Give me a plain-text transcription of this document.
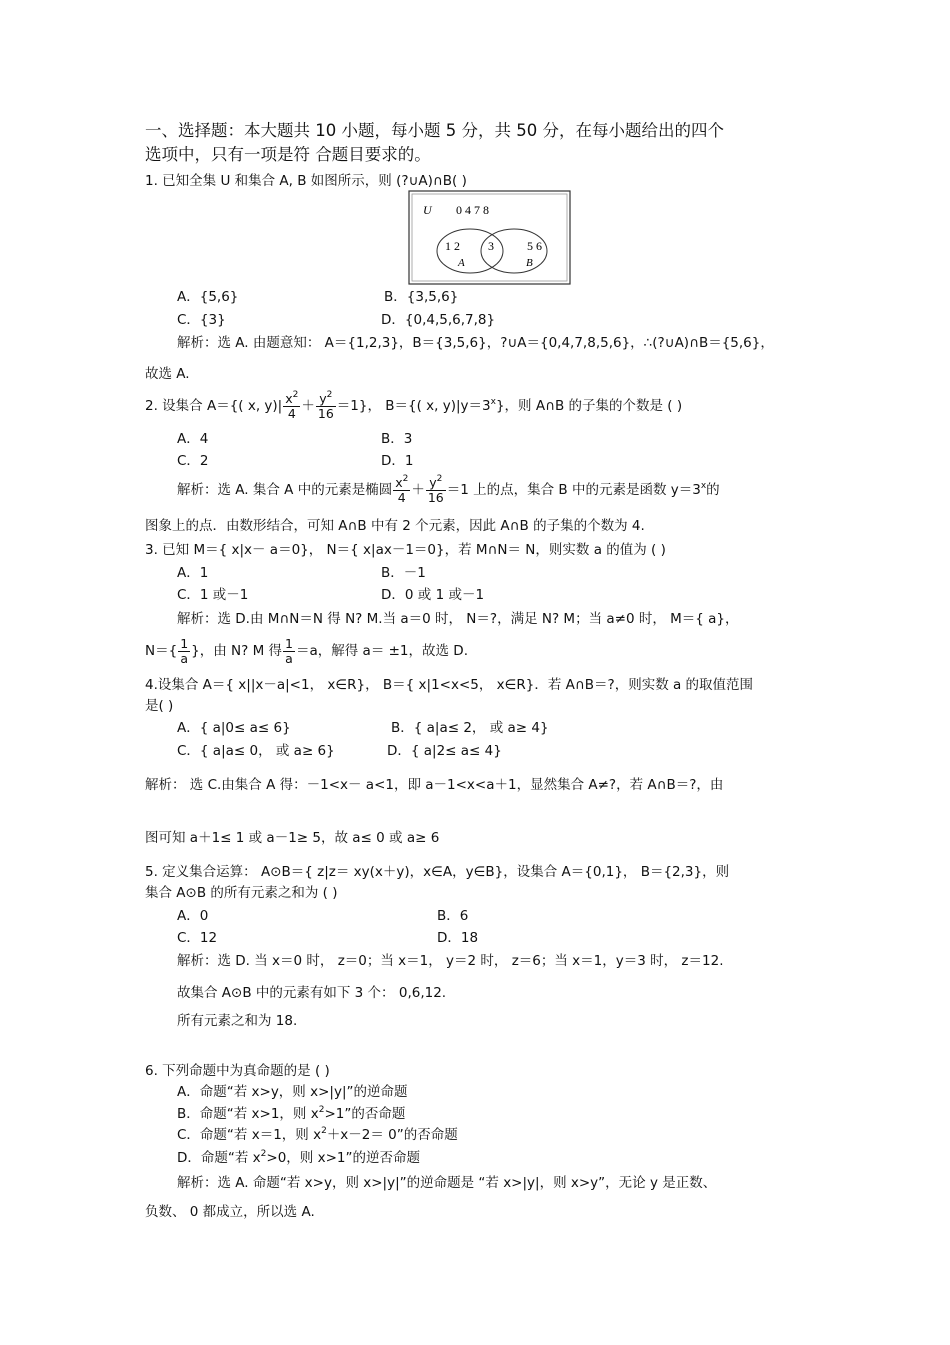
一、选择题：本大题共 10 小题，每小题 5 分，共 50 分，在每小题给出的四个
选项中，只有一项是符 合题目要求的。
1. 已知全集 U 和集合 A, B 如图所示，则 (?∪A)∩B( )
U 0 4 7 8
1 2 3	5 6
A	B
A．{5,6}	B．{3,5,6}
C．{3}	D．{0,4,5,6,7,8}
解析：选 A. 由题意知： A＝{1,2,3}，B＝{3,5,6}，?∪A＝{0,4,7,8,5,6}，∴(?∪A)∩B＝{5,6}，
故选 A.
2. 设集合 A＝{( x, $y)| \frac{x^2}{4} + \frac{y^2}{16} =1$}， B＝{( x, $y)|y=3^x$}，则 A∩B 的子集的个数是 ( )
A．4	B．3
C．2	D．1
解析：选 A. 集合 A 中的元素是椭圆 $\frac{x^2}{4} + \frac{y^2}{16} =1$ 上的点，集合 B 中的元素是函数 $y=3^x$的
图象上的点．由数形结合，可知 A∩B 中有 2 个元素，因此 A∩B 的子集的个数为 4.
3. 已知 M＝{ x|x－ a＝0}， N＝{ x|ax－1＝0}，若 M∩N＝ N，则实数 a 的值为 ( )
A．1	B．－1
C．1 或－1	D．0 或 1 或－1
解析：选 D.由 M∩N＝N 得 N? M.当 a＝0 时， N＝?，满足 N? M；当 a≠0 时， M＝{ a}，
$N=\{ \frac{1}{a}$ }，由 N? M 得 $\frac{1}{a} =a$，解得 a＝ ±1，故选 D.
4.设集合 A＝{ x||x－a|<1， x∈R}， B＝{ x|1<x<5， x∈R}．若 A∩B＝?，则实数 a 的取值范围
是( )
A．{ a|0≤ a≤ 6}	B．{ a|a≤ 2， 或 a≥ 4}
C．{ a|a≤ 0， 或 a≥ 6}	D．{ a|2≤ a≤ 4}
解析： 选 C.由集合 A 得：－1<x－ a<1，即 a－1<x<a＋1，显然集合 A≠?，若 A∩B＝?，由
图可知 a＋1≤ 1 或 a－1≥ 5，故 a≤ 0 或 a≥ 6
5. 定义集合运算： A⊙B＝{ z|z＝ xy(x＋y)，x∈A，y∈B}，设集合 A＝{0,1}， B＝{2,3}，则
集合 A⊙B 的所有元素之和为 ( )
A．0	B．6
C．12	D．18
解析：选 D. 当 x＝0 时， z＝0；当 x＝1， y＝2 时， z＝6；当 x＝1，y＝3 时， z＝12.
故集合 A⊙B 中的元素有如下 3 个： 0,6,12.
所有元素之和为 18.
6. 下列命题中为真命题的是 ( )
A．命题“若 x>y，则 x>|y|”的逆命题
B．命题“若 x>1，则 $x^2>1$”的否命题
C．命题“若 x＝1，则 $x^2+x-2= 0$”的否命题
D．命题“若 $x^2>0$，则 x>1”的逆否命题
解析：选 A. 命题“若 x>y，则 x>|y|”的逆命题是 “若 x>|y|，则 x>y”，无论 y 是正数、
负数、 0 都成立，所以选 A.
